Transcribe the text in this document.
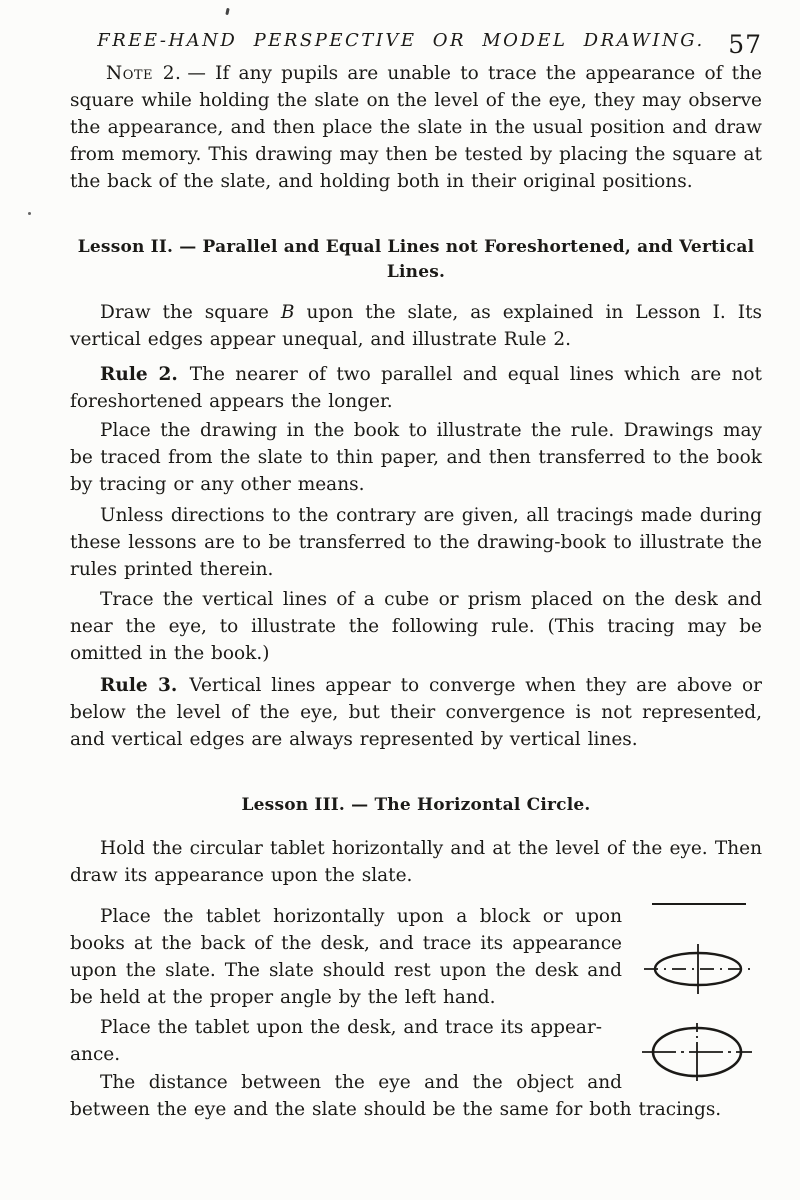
FREE-HAND PERSPECTIVE OR MODEL DRAWING. 57

Note 2. — If any pupils are unable to trace the appearance of the square while holding the slate on the level of the eye, they may observe the appearance, and then place the slate in the usual position and draw from memory. This drawing may then be tested by placing the square at the back of the slate, and holding both in their original positions.

Lesson II. — Parallel and Equal Lines not Foreshortened, and Vertical Lines.

Draw the square B upon the slate, as explained in Lesson I. Its vertical edges appear unequal, and illustrate Rule 2.

Rule 2. The nearer of two parallel and equal lines which are not foreshortened appears the longer.

Place the drawing in the book to illustrate the rule. Drawings may be traced from the slate to thin paper, and then transferred to the book by tracing or any other means.

Unless directions to the contrary are given, all tracings made during these lessons are to be transferred to the drawing-book to illustrate the rules printed therein.

Trace the vertical lines of a cube or prism placed on the desk and near the eye, to illustrate the following rule. (This tracing may be omitted in the book.)

Rule 3. Vertical lines appear to converge when they are above or below the level of the eye, but their convergence is not represented, and vertical edges are always represented by vertical lines.

Lesson III. — The Horizontal Circle.

Hold the circular tablet horizontally and at the level of the eye. Then draw its appearance upon the slate.

Place the tablet horizontally upon a block or upon books at the back of the desk, and trace its appearance upon the slate. The slate should rest upon the desk and be held at the proper angle by the left hand.

Place the tablet upon the desk, and trace its appear-
ance.

The distance between the eye and the object and between the eye and the slate should be the same for both tracings.
